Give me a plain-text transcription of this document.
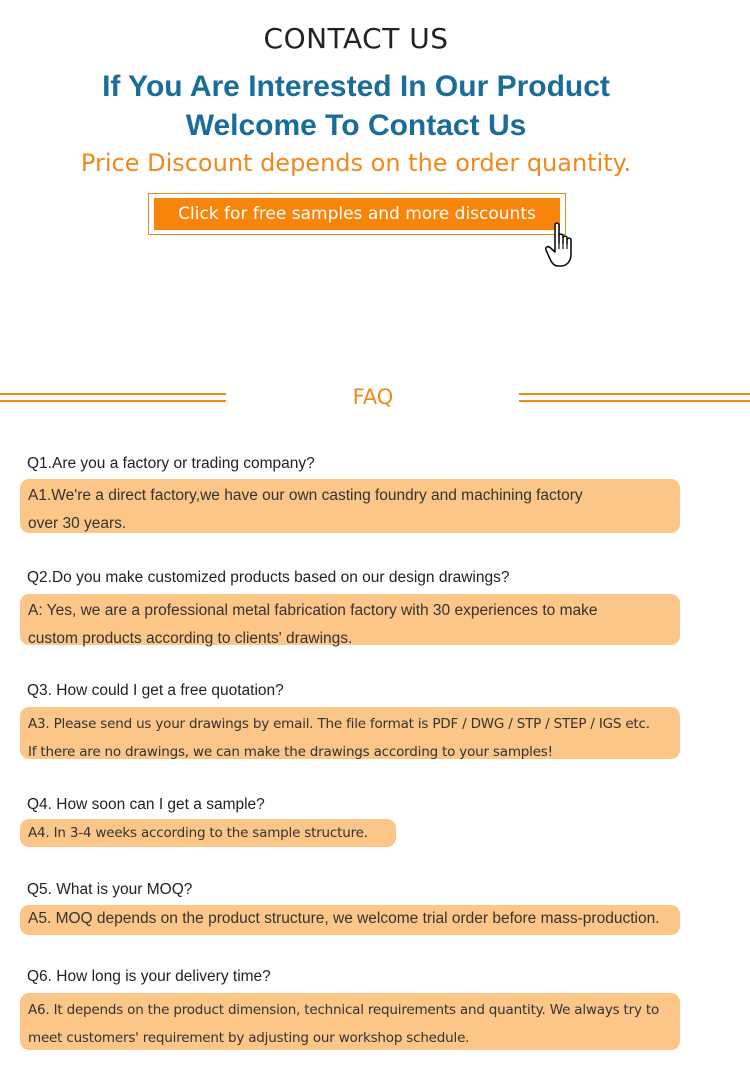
CONTACT US
If You Are Interested In Our Product
Welcome To Contact Us
Price Discount depends on the order quantity.
Click for free samples and more discounts
FAQ
Q1.Are you a factory or trading company?
A1.We're a direct factory,we have our own casting foundry and machining factory
over 30 years.
Q2.Do you make customized products based on our design drawings?
A: Yes, we are a professional metal fabrication factory with 30 experiences to make
custom products according to clients' drawings.
Q3. How could I get a free quotation?
A3. Please send us your drawings by email. The file format is PDF / DWG / STP / STEP / IGS etc.
If there are no drawings, we can make the drawings according to your samples!
Q4. How soon can I get a sample?
A4. In 3-4 weeks according to the sample structure.
Q5. What is your MOQ?
A5. MOQ depends on the product structure, we welcome trial order before mass-production.
Q6. How long is your delivery time?
A6. It depends on the product dimension, technical requirements and quantity. We always try to
meet customers' requirement by adjusting our workshop schedule.
